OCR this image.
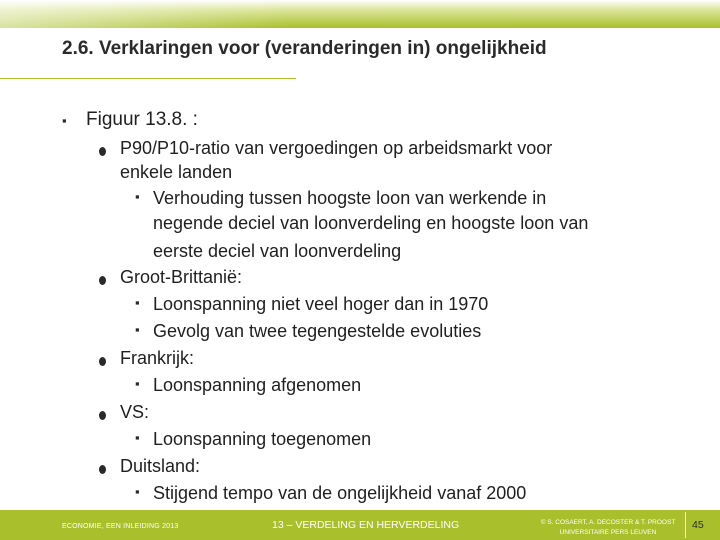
2.6. Verklaringen voor (veranderingen in) ongelijkheid
▪ Figuur 13.8. :
P90/P10-ratio van vergoedingen op arbeidsmarkt voor
enkele landen
▪ Verhouding tussen hoogste loon van werkende in
negende deciel van loonverdeling en hoogste loon van
eerste deciel van loonverdeling
Groot-Brittanië:
▪ Loonspanning niet veel hoger dan in 1970
▪ Gevolg van twee tegengestelde evoluties
Frankrijk:
▪ Loonspanning afgenomen
VS:
▪ Loonspanning toegenomen
Duitsland:
▪ Stijgend tempo van de ongelijkheid vanaf 2000
ECONOMIE, EEN INLEIDING 2013	13 – VERDELING EN HERVERDELING	© S. COSAERT, A. DECOSTER & T. PROOST
UNIVERSITAIRE PERS LEUVEN
45
